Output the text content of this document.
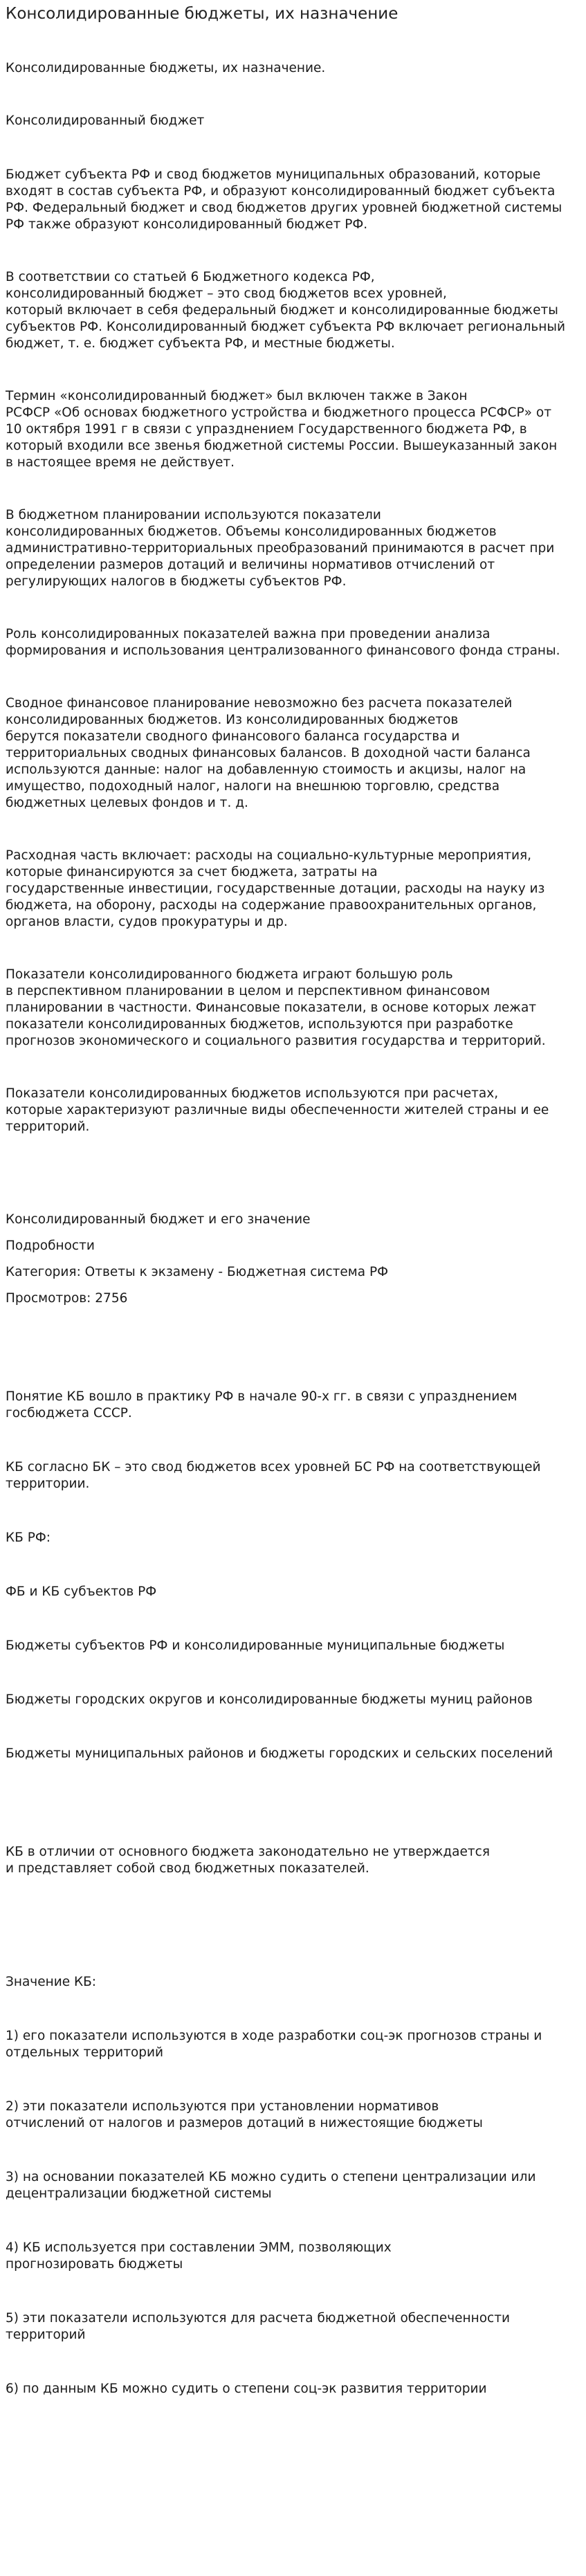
Консолидированные бюджеты, их назначение

Консолидированные бюджеты, их назначение.

Консолидированный бюджет

Бюджет субъекта РФ и свод бюджетов муниципальных образований, которые
входят в состав субъекта РФ, и образуют консолидированный бюджет субъекта
РФ. Федеральный бюджет и свод бюджетов других уровней бюджетной системы
РФ также образуют консолидированный бюджет РФ.

В соответствии со статьей 6 Бюджетного кодекса РФ,
консолидированный бюджет – это свод бюджетов всех уровней,
который включает в себя федеральный бюджет и консолидированные бюджеты
субъектов РФ. Консолидированный бюджет субъекта РФ включает региональный
бюджет, т. е. бюджет субъекта РФ, и местные бюджеты.

Термин «консолидированный бюджет» был включен также в Закон
РСФСР «Об основах бюджетного устройства и бюджетного процесса РСФСР» от
10 октября 1991 г в связи с упразднением Государственного бюджета РФ, в
который входили все звенья бюджетной системы России. Вышеуказанный закон
в настоящее время не действует.

В бюджетном планировании используются показатели
консолидированных бюджетов. Объемы консолидированных бюджетов
административно-территориальных преобразований принимаются в расчет при
определении размеров дотаций и величины нормативов отчислений от
регулирующих налогов в бюджеты субъектов РФ.

Роль консолидированных показателей важна при проведении анализа
формирования и использования централизованного финансового фонда страны.

Сводное финансовое планирование невозможно без расчета показателей
консолидированных бюджетов. Из консолидированных бюджетов
берутся показатели сводного финансового баланса государства и
территориальных сводных финансовых балансов. В доходной части баланса
используются данные: налог на добавленную стоимость и акцизы, налог на
имущество, подоходный налог, налоги на внешнюю торговлю, средства
бюджетных целевых фондов и т. д.

Расходная часть включает: расходы на социально-культурные мероприятия,
которые финансируются за счет бюджета, затраты на
государственные инвестиции, государственные дотации, расходы на науку из
бюджета, на оборону, расходы на содержание правоохранительных органов,
органов власти, судов прокуратуры и др.

Показатели консолидированного бюджета играют большую роль
в перспективном планировании в целом и перспективном финансовом
планировании в частности. Финансовые показатели, в основе которых лежат
показатели консолидированных бюджетов, используются при разработке
прогнозов экономического и социального развития государства и территорий.

Показатели консолидированных бюджетов используются при расчетах,
которые характеризуют различные виды обеспеченности жителей страны и ее
территорий.

Консолидированный бюджет и его значение

Подробности

Категория: Ответы к экзамену - Бюджетная система РФ

Просмотров: 2756

Понятие КБ вошло в практику РФ в начале 90-х гг. в связи с упразднением
госбюджета СССР.

КБ согласно БК – это свод бюджетов всех уровней БС РФ на соответствующей
территории.

КБ РФ:

ФБ и КБ субъектов РФ

Бюджеты субъектов РФ и консолидированные муниципальные бюджеты

Бюджеты городских округов и консолидированные бюджеты муниц районов

Бюджеты муниципальных районов и бюджеты городских и сельских поселений

КБ в отличии от основного бюджета законодательно не утверждается
и представляет собой свод бюджетных показателей.

Значение КБ:

1) его показатели используются в ходе разработки соц-эк прогнозов страны и
отдельных территорий

2) эти показатели используются при установлении нормативов
отчислений от налогов и размеров дотаций в нижестоящие бюджеты

3) на основании показателей КБ можно судить о степени централизации или
децентрализации бюджетной системы

4) КБ используется при составлении ЭММ, позволяющих
прогнозировать бюджеты

5) эти показатели используются для расчета бюджетной обеспеченности
территорий

6) по данным КБ можно судить о степени соц-эк развития территории
